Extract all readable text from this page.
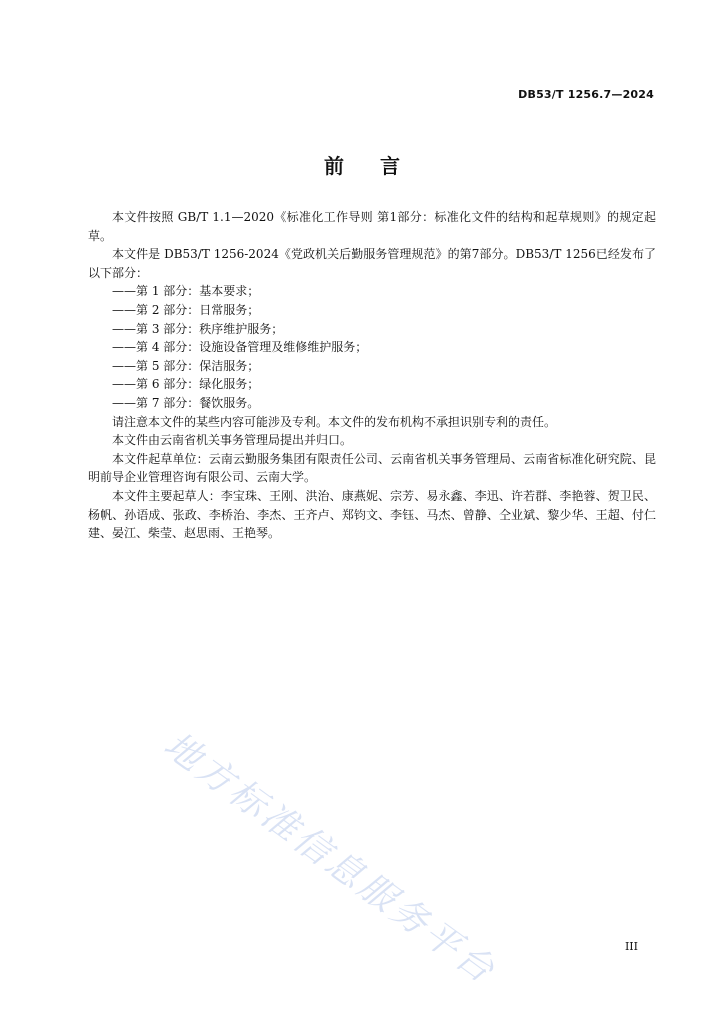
DB53/T 1256.7—2024
前言

本文件按照 GB/T 1.1—2020《标准化工作导则 第1部分：标准化文件的结构和起草规则》的规定起草。

本文件是 DB53/T 1256-2024《党政机关后勤服务管理规范》的第7部分。DB53/T 1256已经发布了以下部分：

——第 1 部分：基本要求；

——第 2 部分：日常服务；

——第 3 部分：秩序维护服务；

——第 4 部分：设施设备管理及维修维护服务；

——第 5 部分：保洁服务；

——第 6 部分：绿化服务；

——第 7 部分：餐饮服务。

请注意本文件的某些内容可能涉及专利。本文件的发布机构不承担识别专利的责任。

本文件由云南省机关事务管理局提出并归口。

本文件起草单位：云南云勤服务集团有限责任公司、云南省机关事务管理局、云南省标准化研究院、昆明前导企业管理咨询有限公司、云南大学。

本文件主要起草人：李宝珠、王刚、洪治、康燕妮、宗芳、易永鑫、李迅、许若群、李艳蓉、贺卫民、杨帆、孙语成、张政、李桥治、李杰、王齐卢、郑钧文、李钰、马杰、曾静、仝业斌、黎少华、王超、付仁建、晏江、柴莹、赵思雨、王艳琴。

地方标准信息服务平台	III
